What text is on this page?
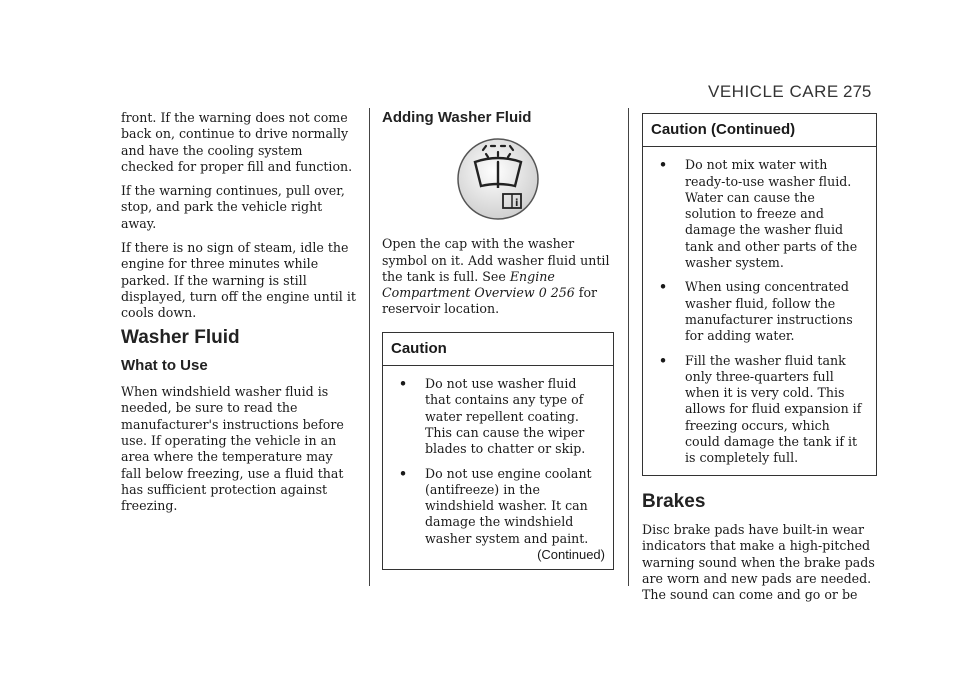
VEHICLE CARE 275

front. If the warning does not come back on, continue to drive normally and have the cooling system checked for proper fill and function.

If the warning continues, pull over, stop, and park the vehicle right away.

If there is no sign of steam, idle the engine for three minutes while parked. If the warning is still displayed, turn off the engine until it cools down.

Washer Fluid
What to Use

When windshield washer fluid is needed, be sure to read the manufacturer's instructions before use. If operating the vehicle in an area where the temperature may fall below freezing, use a fluid that has sufficient protection against freezing.

Adding Washer Fluid
i

Open the cap with the washer symbol on it. Add washer fluid until the tank is full. See Engine Compartment Overview 0 256 for reservoir location.

Caution
• Do not use washer fluid that contains any type of water repellent coating. This can cause the wiper blades to chatter or skip.
• Do not use engine coolant (antifreeze) in the windshield washer. It can damage the windshield washer system and paint.
(Continued)
Caution (Continued)
• Do not mix water with ready-to-use washer fluid. Water can cause the solution to freeze and damage the washer fluid tank and other parts of the washer system.
• When using concentrated washer fluid, follow the manufacturer instructions for adding water.
• Fill the washer fluid tank only three-quarters full when it is very cold. This allows for fluid expansion if freezing occurs, which could damage the tank if it is completely full.
Brakes

Disc brake pads have built-in wear indicators that make a high-pitched warning sound when the brake pads are worn and new pads are needed. The sound can come and go or be
